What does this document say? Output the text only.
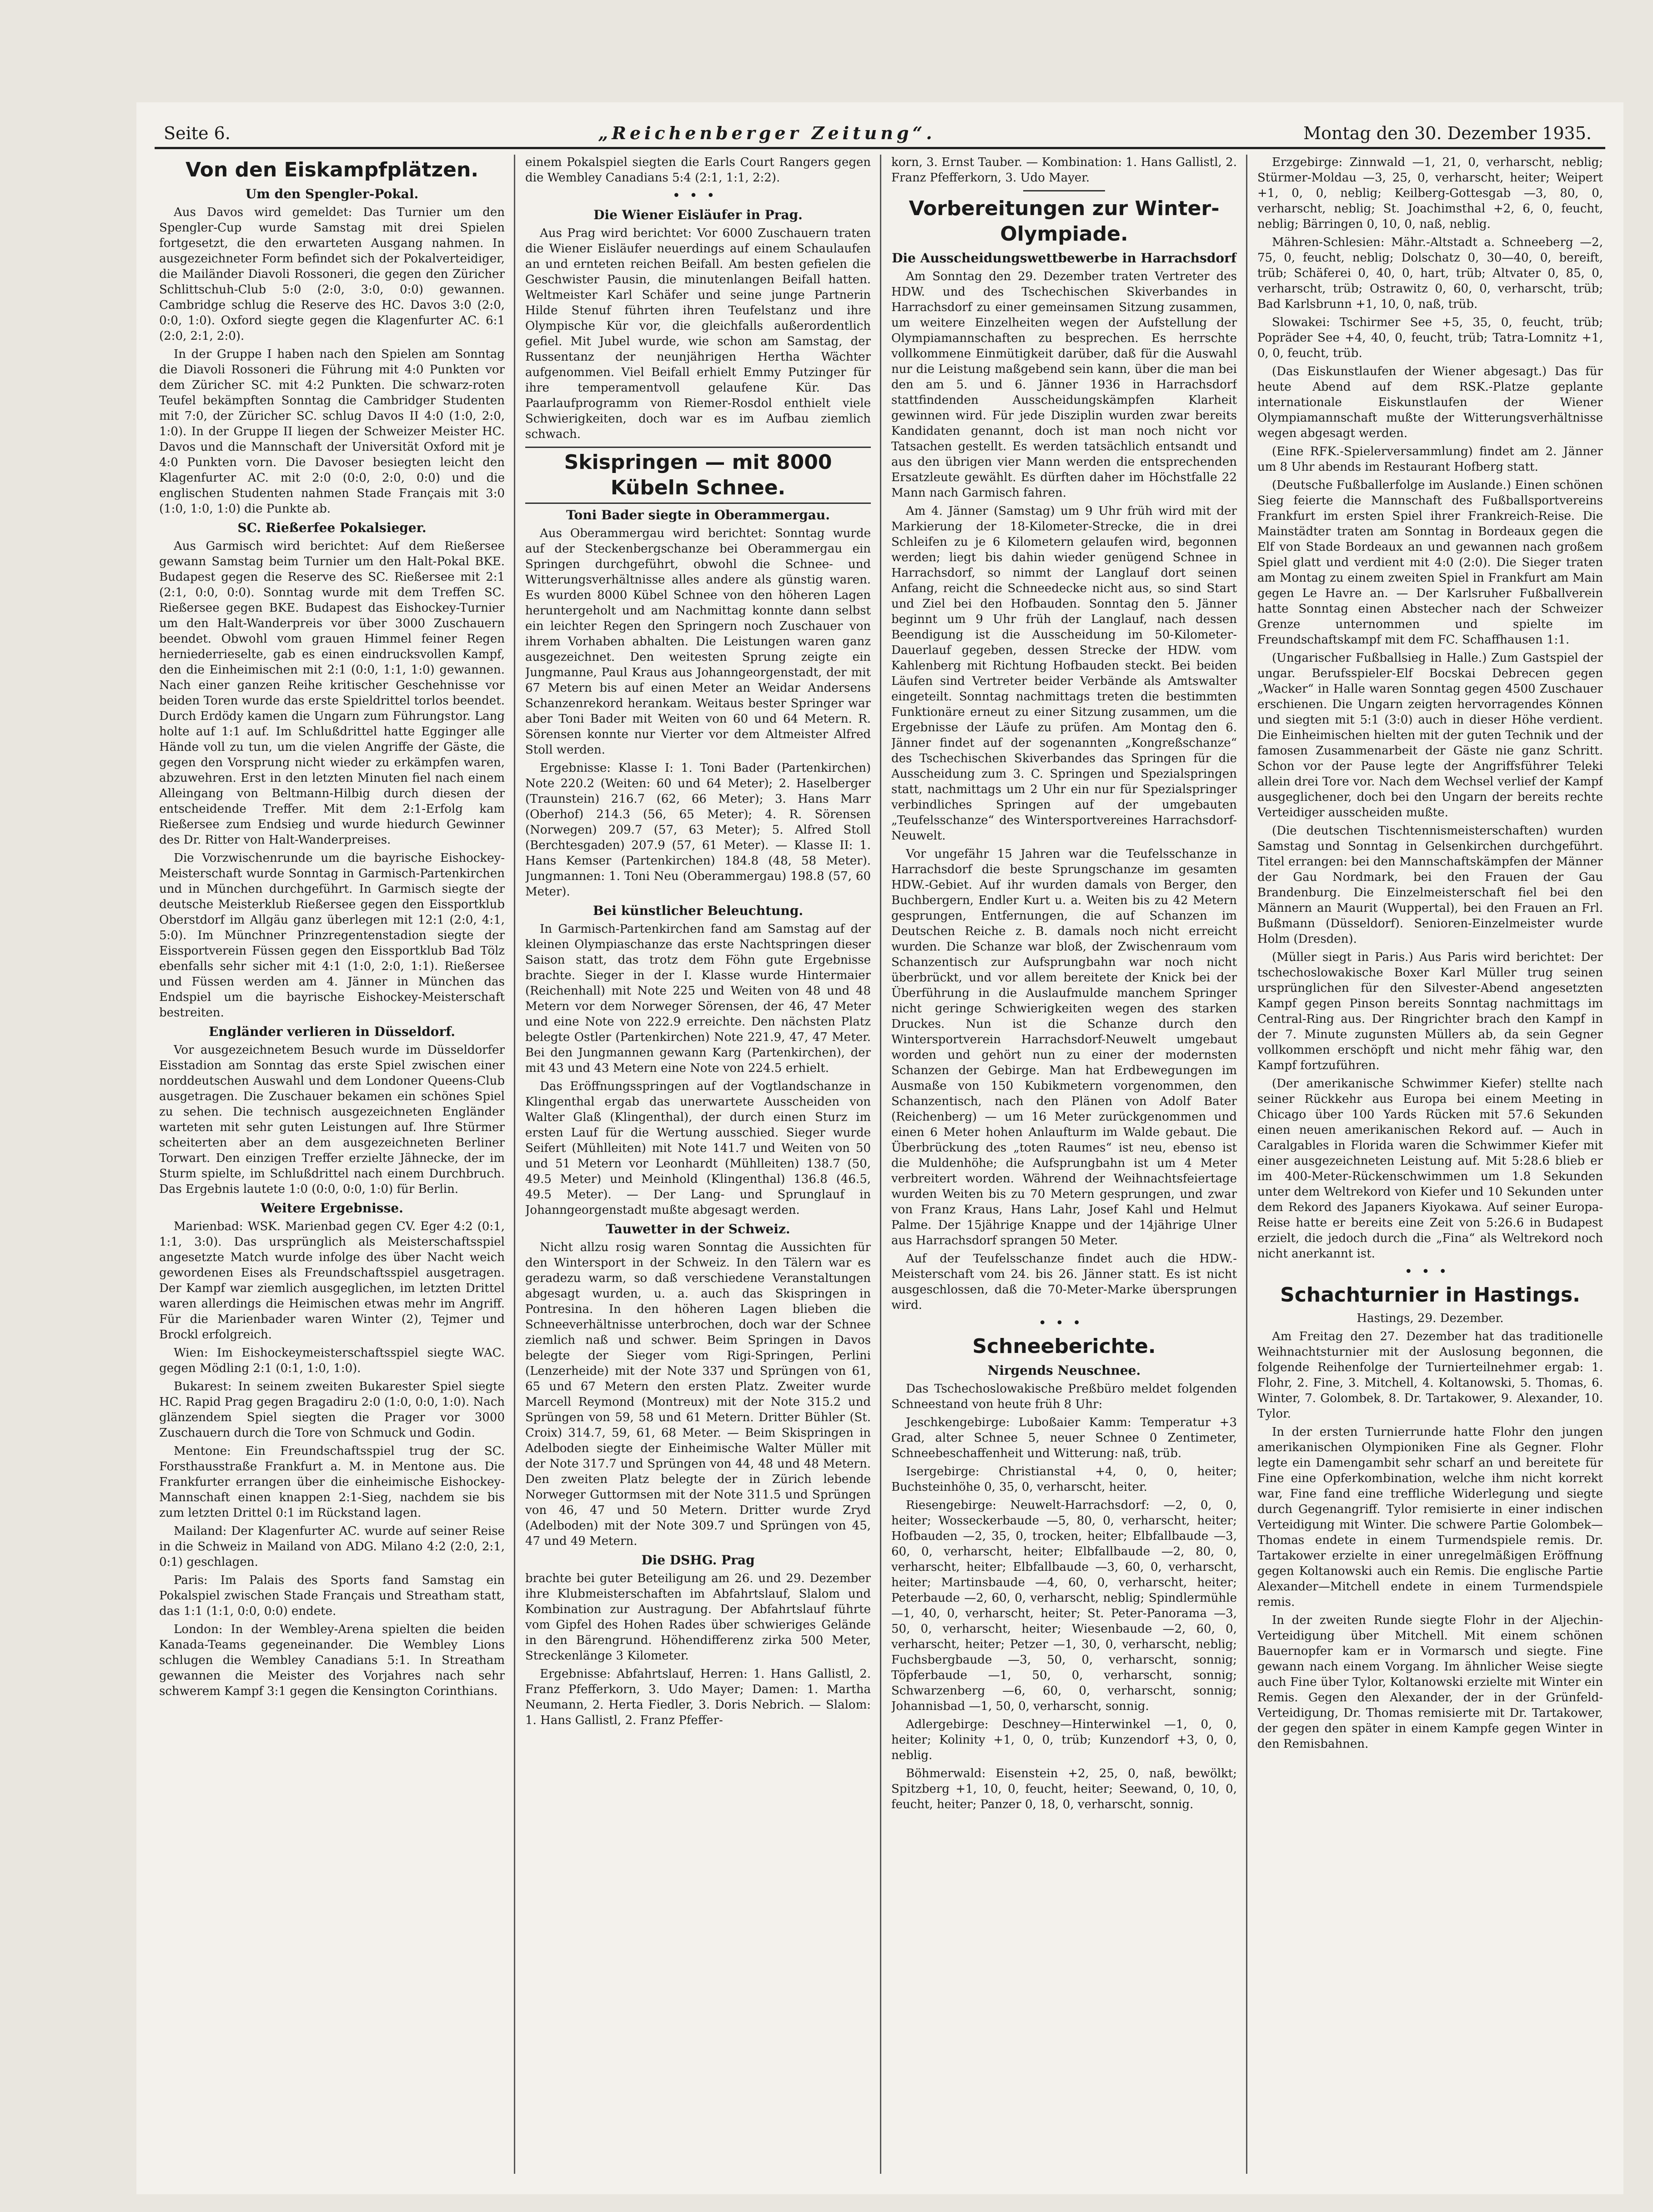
Seite 6.	„Reichenberger Zeitung“.	Montag den 30. Dezember 1935.
Von den Eiskampfplätzen.
Um den Spengler-Pokal.

Aus Davos wird gemeldet: Das Turnier um den Spengler-Cup wurde Samstag mit drei Spielen fortgesetzt, die den erwarteten Ausgang nahmen. In ausgezeichneter Form befindet sich der Pokalverteidiger, die Mailänder Diavoli Rossoneri, die gegen den Züricher Schlittschuh-Club 5:0 (2:0, 3:0, 0:0) gewannen. Cambridge schlug die Reserve des HC. Davos 3:0 (2:0, 0:0, 1:0). Oxford siegte gegen die Klagenfurter AC. 6:1 (2:0, 2:1, 2:0).

In der Gruppe I haben nach den Spielen am Sonntag die Diavoli Rossoneri die Führung mit 4:0 Punkten vor dem Züricher SC. mit 4:2 Punkten. Die schwarz-roten Teufel bekämpften Sonntag die Cambridger Studenten mit 7:0, der Züricher SC. schlug Davos II 4:0 (1:0, 2:0, 1:0). In der Gruppe II liegen der Schweizer Meister HC. Davos und die Mannschaft der Universität Oxford mit je 4:0 Punkten vorn. Die Davoser besiegten leicht den Klagenfurter AC. mit 2:0 (0:0, 2:0, 0:0) und die englischen Studenten nahmen Stade Français mit 3:0 (1:0, 1:0, 1:0) die Punkte ab.

SC. Rießerfee Pokalsieger.

Aus Garmisch wird berichtet: Auf dem Rießersee gewann Samstag beim Turnier um den Halt-Pokal BKE. Budapest gegen die Reserve des SC. Rießersee mit 2:1 (2:1, 0:0, 0:0). Sonntag wurde mit dem Treffen SC. Rießersee gegen BKE. Budapest das Eishockey-Turnier um den Halt-Wanderpreis vor über 3000 Zuschauern beendet. Obwohl vom grauen Himmel feiner Regen herniederrieselte, gab es einen eindrucksvollen Kampf, den die Einheimischen mit 2:1 (0:0, 1:1, 1:0) gewannen. Nach einer ganzen Reihe kritischer Geschehnisse vor beiden Toren wurde das erste Spieldrittel torlos beendet. Durch Erdödy kamen die Ungarn zum Führungstor. Lang holte auf 1:1 auf. Im Schlußdrittel hatte Egginger alle Hände voll zu tun, um die vielen Angriffe der Gäste, die gegen den Vorsprung nicht wieder zu erkämpfen waren, abzuwehren. Erst in den letzten Minuten fiel nach einem Alleingang von Beltmann-Hilbig durch diesen der entscheidende Treffer. Mit dem 2:1-Erfolg kam Rießersee zum Endsieg und wurde hiedurch Gewinner des Dr. Ritter von Halt-Wanderpreises.

Die Vorzwischenrunde um die bayrische Eishockey-Meisterschaft wurde Sonntag in Garmisch-Partenkirchen und in München durchgeführt. In Garmisch siegte der deutsche Meisterklub Rießersee gegen den Eissportklub Oberstdorf im Allgäu ganz überlegen mit 12:1 (2:0, 4:1, 5:0). Im Münchner Prinzregentenstadion siegte der Eissportverein Füssen gegen den Eissportklub Bad Tölz ebenfalls sehr sicher mit 4:1 (1:0, 2:0, 1:1). Rießersee und Füssen werden am 4. Jänner in München das Endspiel um die bayrische Eishockey-Meisterschaft bestreiten.

Engländer verlieren in Düsseldorf.

Vor ausgezeichnetem Besuch wurde im Düsseldorfer Eisstadion am Sonntag das erste Spiel zwischen einer norddeutschen Auswahl und dem Londoner Queens-Club ausgetragen. Die Zuschauer bekamen ein schönes Spiel zu sehen. Die technisch ausgezeichneten Engländer warteten mit sehr guten Leistungen auf. Ihre Stürmer scheiterten aber an dem ausgezeichneten Berliner Torwart. Den einzigen Treffer erzielte Jähnecke, der im Sturm spielte, im Schlußdrittel nach einem Durchbruch. Das Ergebnis lautete 1:0 (0:0, 0:0, 1:0) für Berlin.

Weitere Ergebnisse.

Marienbad: WSK. Marienbad gegen CV. Eger 4:2 (0:1, 1:1, 3:0). Das ursprünglich als Meisterschaftsspiel angesetzte Match wurde infolge des über Nacht weich gewordenen Eises als Freundschaftsspiel ausgetragen. Der Kampf war ziemlich ausgeglichen, im letzten Drittel waren allerdings die Heimischen etwas mehr im Angriff. Für die Marienbader waren Winter (2), Tejmer und Brockl erfolgreich.

Wien: Im Eishockeymeisterschaftsspiel siegte WAC. gegen Mödling 2:1 (0:1, 1:0, 1:0).

Bukarest: In seinem zweiten Bukarester Spiel siegte HC. Rapid Prag gegen Bragadiru 2:0 (1:0, 0:0, 1:0). Nach glänzendem Spiel siegten die Prager vor 3000 Zuschauern durch die Tore von Schmuck und Godin.

Mentone: Ein Freundschaftsspiel trug der SC. Forsthausstraße Frankfurt a. M. in Mentone aus. Die Frankfurter errangen über die einheimische Eishockey-Mannschaft einen knappen 2:1-Sieg, nachdem sie bis zum letzten Drittel 0:1 im Rückstand lagen.

Mailand: Der Klagenfurter AC. wurde auf seiner Reise in die Schweiz in Mailand von ADG. Milano 4:2 (2:0, 2:1, 0:1) geschlagen.

Paris: Im Palais des Sports fand Samstag ein Pokalspiel zwischen Stade Français und Streatham statt, das 1:1 (1:1, 0:0, 0:0) endete.

London: In der Wembley-Arena spielten die beiden Kanada-Teams gegeneinander. Die Wembley Lions schlugen die Wembley Canadians 5:1. In Streatham gewannen die Meister des Vorjahres nach sehr schwerem Kampf 3:1 gegen die Kensington Corinthians.

einem Pokalspiel siegten die Earls Court Rangers gegen die Wembley Canadians 5:4 (2:1, 1:1, 2:2).

•••
Die Wiener Eisläufer in Prag.

Aus Prag wird berichtet: Vor 6000 Zuschauern traten die Wiener Eisläufer neuerdings auf einem Schaulaufen an und ernteten reichen Beifall. Am besten gefielen die Geschwister Pausin, die minutenlangen Beifall hatten. Weltmeister Karl Schäfer und seine junge Partnerin Hilde Stenuf führten ihren Teufelstanz und ihre Olympische Kür vor, die gleichfalls außerordentlich gefiel. Mit Jubel wurde, wie schon am Samstag, der Russentanz der neunjährigen Hertha Wächter aufgenommen. Viel Beifall erhielt Emmy Putzinger für ihre temperamentvoll gelaufene Kür. Das Paarlaufprogramm von Riemer-Rosdol enthielt viele Schwierigkeiten, doch war es im Aufbau ziemlich schwach.

Skispringen — mit 8000 Kübeln Schnee.
Toni Bader siegte in Oberammergau.

Aus Oberammergau wird berichtet: Sonntag wurde auf der Steckenbergschanze bei Oberammergau ein Springen durchgeführt, obwohl die Schnee- und Witterungsverhältnisse alles andere als günstig waren. Es wurden 8000 Kübel Schnee von den höheren Lagen heruntergeholt und am Nachmittag konnte dann selbst ein leichter Regen den Springern noch Zuschauer von ihrem Vorhaben abhalten. Die Leistungen waren ganz ausgezeichnet. Den weitesten Sprung zeigte ein Jungmanne, Paul Kraus aus Johanngeorgenstadt, der mit 67 Metern bis auf einen Meter an Weidar Andersens Schanzenrekord herankam. Weitaus bester Springer war aber Toni Bader mit Weiten von 60 und 64 Metern. R. Sörensen konnte nur Vierter vor dem Altmeister Alfred Stoll werden.

Ergebnisse: Klasse I: 1. Toni Bader (Partenkirchen) Note 220.2 (Weiten: 60 und 64 Meter); 2. Haselberger (Traunstein) 216.7 (62, 66 Meter); 3. Hans Marr (Oberhof) 214.3 (56, 65 Meter); 4. R. Sörensen (Norwegen) 209.7 (57, 63 Meter); 5. Alfred Stoll (Berchtesgaden) 207.9 (57, 61 Meter). — Klasse II: 1. Hans Kemser (Partenkirchen) 184.8 (48, 58 Meter). Jungmannen: 1. Toni Neu (Oberammergau) 198.8 (57, 60 Meter).

Bei künstlicher Beleuchtung.

In Garmisch-Partenkirchen fand am Samstag auf der kleinen Olympiaschanze das erste Nachtspringen dieser Saison statt, das trotz dem Föhn gute Ergebnisse brachte. Sieger in der I. Klasse wurde Hintermaier (Reichenhall) mit Note 225 und Weiten von 48 und 48 Metern vor dem Norweger Sörensen, der 46, 47 Meter und eine Note von 222.9 erreichte. Den nächsten Platz belegte Ostler (Partenkirchen) Note 221.9, 47, 47 Meter. Bei den Jungmannen gewann Karg (Partenkirchen), der mit 43 und 43 Metern eine Note von 224.5 erhielt.

Das Eröffnungsspringen auf der Vogtlandschanze in Klingenthal ergab das unerwartete Ausscheiden von Walter Glaß (Klingenthal), der durch einen Sturz im ersten Lauf für die Wertung ausschied. Sieger wurde Seifert (Mühlleiten) mit Note 141.7 und Weiten von 50 und 51 Metern vor Leonhardt (Mühlleiten) 138.7 (50, 49.5 Meter) und Meinhold (Klingenthal) 136.8 (46.5, 49.5 Meter). — Der Lang- und Sprunglauf in Johanngeorgenstadt mußte abgesagt werden.

Tauwetter in der Schweiz.

Nicht allzu rosig waren Sonntag die Aussichten für den Wintersport in der Schweiz. In den Tälern war es geradezu warm, so daß verschiedene Veranstaltungen abgesagt wurden, u. a. auch das Skispringen in Pontresina. In den höheren Lagen blieben die Schneeverhältnisse unterbrochen, doch war der Schnee ziemlich naß und schwer. Beim Springen in Davos belegte der Sieger vom Rigi-Springen, Perlini (Lenzerheide) mit der Note 337 und Sprüngen von 61, 65 und 67 Metern den ersten Platz. Zweiter wurde Marcell Reymond (Montreux) mit der Note 315.2 und Sprüngen von 59, 58 und 61 Metern. Dritter Bühler (St. Croix) 314.7, 59, 61, 68 Meter. — Beim Skispringen in Adelboden siegte der Einheimische Walter Müller mit der Note 317.7 und Sprüngen von 44, 48 und 48 Metern. Den zweiten Platz belegte der in Zürich lebende Norweger Guttormsen mit der Note 311.5 und Sprüngen von 46, 47 und 50 Metern. Dritter wurde Zryd (Adelboden) mit der Note 309.7 und Sprüngen von 45, 47 und 49 Metern.

Die DSHG. Prag

brachte bei guter Beteiligung am 26. und 29. Dezember ihre Klubmeisterschaften im Abfahrtslauf, Slalom und Kombination zur Austragung. Der Abfahrtslauf führte vom Gipfel des Hohen Rades über schwieriges Gelände in den Bärengrund. Höhendifferenz zirka 500 Meter, Streckenlänge 3 Kilometer.

Ergebnisse: Abfahrtslauf, Herren: 1. Hans Gallistl, 2. Franz Pfefferkorn, 3. Udo Mayer; Damen: 1. Martha Neumann, 2. Herta Fiedler, 3. Doris Nebrich. — Slalom: 1. Hans Gallistl, 2. Franz Pfeffer-

korn, 3. Ernst Tauber. — Kombination: 1. Hans Gallistl, 2. Franz Pfefferkorn, 3. Udo Mayer.

Vorbereitungen zur Winter-Olympiade.
Die Ausscheidungswettbewerbe in Harrachsdorf

Am Sonntag den 29. Dezember traten Vertreter des HDW. und des Tschechischen Skiverbandes in Harrachsdorf zu einer gemeinsamen Sitzung zusammen, um weitere Einzelheiten wegen der Aufstellung der Olympiamannschaften zu besprechen. Es herrschte vollkommene Einmütigkeit darüber, daß für die Auswahl nur die Leistung maßgebend sein kann, über die man bei den am 5. und 6. Jänner 1936 in Harrachsdorf stattfindenden Ausscheidungskämpfen Klarheit gewinnen wird. Für jede Disziplin wurden zwar bereits Kandidaten genannt, doch ist man noch nicht vor Tatsachen gestellt. Es werden tatsächlich entsandt und aus den übrigen vier Mann werden die entsprechenden Ersatzleute gewählt. Es dürften daher im Höchstfalle 22 Mann nach Garmisch fahren.

Am 4. Jänner (Samstag) um 9 Uhr früh wird mit der Markierung der 18-Kilometer-Strecke, die in drei Schleifen zu je 6 Kilometern gelaufen wird, begonnen werden; liegt bis dahin wieder genügend Schnee in Harrachsdorf, so nimmt der Langlauf dort seinen Anfang, reicht die Schneedecke nicht aus, so sind Start und Ziel bei den Hofbauden. Sonntag den 5. Jänner beginnt um 9 Uhr früh der Langlauf, nach dessen Beendigung ist die Ausscheidung im 50-Kilometer-Dauerlauf gegeben, dessen Strecke der HDW. vom Kahlenberg mit Richtung Hofbauden steckt. Bei beiden Läufen sind Vertreter beider Verbände als Amtswalter eingeteilt. Sonntag nachmittags treten die bestimmten Funktionäre erneut zu einer Sitzung zusammen, um die Ergebnisse der Läufe zu prüfen. Am Montag den 6. Jänner findet auf der sogenannten „Kongreßschanze“ des Tschechischen Skiverbandes das Springen für die Ausscheidung zum 3. C. Springen und Spezialspringen statt, nachmittags um 2 Uhr ein nur für Spezialspringer verbindliches Springen auf der umgebauten „Teufelsschanze“ des Wintersportvereines Harrachsdorf-Neuwelt.

Vor ungefähr 15 Jahren war die Teufelsschanze in Harrachsdorf die beste Sprungschanze im gesamten HDW.-Gebiet. Auf ihr wurden damals von Berger, den Buchbergern, Endler Kurt u. a. Weiten bis zu 42 Metern gesprungen, Entfernungen, die auf Schanzen im Deutschen Reiche z. B. damals noch nicht erreicht wurden. Die Schanze war bloß, der Zwischenraum vom Schanzentisch zur Aufsprungbahn war noch nicht überbrückt, und vor allem bereitete der Knick bei der Überführung in die Auslaufmulde manchem Springer nicht geringe Schwierigkeiten wegen des starken Druckes. Nun ist die Schanze durch den Wintersportverein Harrachsdorf-Neuwelt umgebaut worden und gehört nun zu einer der modernsten Schanzen der Gebirge. Man hat Erdbewegungen im Ausmaße von 150 Kubikmetern vorgenommen, den Schanzentisch, nach den Plänen von Adolf Bater (Reichenberg) — um 16 Meter zurückgenommen und einen 6 Meter hohen Anlaufturm im Walde gebaut. Die Überbrückung des „toten Raumes“ ist neu, ebenso ist die Muldenhöhe; die Aufsprungbahn ist um 4 Meter verbreitert worden. Während der Weihnachtsfeiertage wurden Weiten bis zu 70 Metern gesprungen, und zwar von Franz Kraus, Hans Lahr, Josef Kahl und Helmut Palme. Der 15jährige Knappe und der 14jährige Ulner aus Harrachsdorf sprangen 50 Meter.

Auf der Teufelsschanze findet auch die HDW.-Meisterschaft vom 24. bis 26. Jänner statt. Es ist nicht ausgeschlossen, daß die 70-Meter-Marke übersprungen wird.

•••
Schneeberichte.
Nirgends Neuschnee.

Das Tschechoslowakische Preßbüro meldet folgenden Schneestand von heute früh 8 Uhr:

Jeschkengebirge: Luboßaier Kamm: Temperatur +3 Grad, alter Schnee 5, neuer Schnee 0 Zentimeter, Schneebeschaffenheit und Witterung: naß, trüb.

Isergebirge: Christianstal +4, 0, 0, heiter; Buchsteinhöhe 0, 35, 0, verharscht, heiter.

Riesengebirge: Neuwelt-Harrachsdorf: —2, 0, 0, heiter; Wosseckerbaude —5, 80, 0, verharscht, heiter; Hofbauden —2, 35, 0, trocken, heiter; Elbfallbaude —3, 60, 0, verharscht, heiter; Elbfallbaude —2, 80, 0, verharscht, heiter; Elbfallbaude —3, 60, 0, verharscht, heiter; Martinsbaude —4, 60, 0, verharscht, heiter; Peterbaude —2, 60, 0, verharscht, neblig; Spindlermühle —1, 40, 0, verharscht, heiter; St. Peter-Panorama —3, 50, 0, verharscht, heiter; Wiesenbaude —2, 60, 0, verharscht, heiter; Petzer —1, 30, 0, verharscht, neblig; Fuchsbergbaude —3, 50, 0, verharscht, sonnig; Töpferbaude —1, 50, 0, verharscht, sonnig; Schwarzenberg —6, 60, 0, verharscht, sonnig; Johannisbad —1, 50, 0, verharscht, sonnig.

Adlergebirge: Deschney—Hinterwinkel —1, 0, 0, heiter; Kolinity +1, 0, 0, trüb; Kunzendorf +3, 0, 0, neblig.

Böhmerwald: Eisenstein +2, 25, 0, naß, bewölkt; Spitzberg +1, 10, 0, feucht, heiter; Seewand, 0, 10, 0, feucht, heiter; Panzer 0, 18, 0, verharscht, sonnig.

Erzgebirge: Zinnwald —1, 21, 0, verharscht, neblig; Stürmer-Moldau —3, 25, 0, verharscht, heiter; Weipert +1, 0, 0, neblig; Keilberg-Gottesgab —3, 80, 0, verharscht, neblig; St. Joachimsthal +2, 6, 0, feucht, neblig; Bärringen 0, 10, 0, naß, neblig.

Mähren-Schlesien: Mähr.-Altstadt a. Schneeberg —2, 75, 0, feucht, neblig; Dolschatz 0, 30—40, 0, bereift, trüb; Schäferei 0, 40, 0, hart, trüb; Altvater 0, 85, 0, verharscht, trüb; Ostrawitz 0, 60, 0, verharscht, trüb; Bad Karlsbrunn +1, 10, 0, naß, trüb.

Slowakei: Tschirmer See +5, 35, 0, feucht, trüb; Popräder See +4, 40, 0, feucht, trüb; Tatra-Lomnitz +1, 0, 0, feucht, trüb.

(Das Eiskunstlaufen der Wiener abgesagt.) Das für heute Abend auf dem RSK.-Platze geplante internationale Eiskunstlaufen der Wiener Olympiamannschaft mußte der Witterungsverhältnisse wegen abgesagt werden.

(Eine RFK.-Spielerversammlung) findet am 2. Jänner um 8 Uhr abends im Restaurant Hofberg statt.

(Deutsche Fußballerfolge im Auslande.) Einen schönen Sieg feierte die Mannschaft des Fußballsportvereins Frankfurt im ersten Spiel ihrer Frankreich-Reise. Die Mainstädter traten am Sonntag in Bordeaux gegen die Elf von Stade Bordeaux an und gewannen nach großem Spiel glatt und verdient mit 4:0 (2:0). Die Sieger traten am Montag zu einem zweiten Spiel in Frankfurt am Main gegen Le Havre an. — Der Karlsruher Fußballverein hatte Sonntag einen Abstecher nach der Schweizer Grenze unternommen und spielte im Freundschaftskampf mit dem FC. Schaffhausen 1:1.

(Ungarischer Fußballsieg in Halle.) Zum Gastspiel der ungar. Berufsspieler-Elf Bocskai Debrecen gegen „Wacker“ in Halle waren Sonntag gegen 4500 Zuschauer erschienen. Die Ungarn zeigten hervorragendes Können und siegten mit 5:1 (3:0) auch in dieser Höhe verdient. Die Einheimischen hielten mit der guten Technik und der famosen Zusammenarbeit der Gäste nie ganz Schritt. Schon vor der Pause legte der Angriffsführer Teleki allein drei Tore vor. Nach dem Wechsel verlief der Kampf ausgeglichener, doch bei den Ungarn der bereits rechte Verteidiger ausscheiden mußte.

(Die deutschen Tischtennismeisterschaften) wurden Samstag und Sonntag in Gelsenkirchen durchgeführt. Titel errangen: bei den Mannschaftskämpfen der Männer der Gau Nordmark, bei den Frauen der Gau Brandenburg. Die Einzelmeisterschaft fiel bei den Männern an Maurit (Wuppertal), bei den Frauen an Frl. Bußmann (Düsseldorf). Senioren-Einzelmeister wurde Holm (Dresden).

(Müller siegt in Paris.) Aus Paris wird berichtet: Der tschechoslowakische Boxer Karl Müller trug seinen ursprünglichen für den Silvester-Abend angesetzten Kampf gegen Pinson bereits Sonntag nachmittags im Central-Ring aus. Der Ringrichter brach den Kampf in der 7. Minute zugunsten Müllers ab, da sein Gegner vollkommen erschöpft und nicht mehr fähig war, den Kampf fortzuführen.

(Der amerikanische Schwimmer Kiefer) stellte nach seiner Rückkehr aus Europa bei einem Meeting in Chicago über 100 Yards Rücken mit 57.6 Sekunden einen neuen amerikanischen Rekord auf. — Auch in Caralgables in Florida waren die Schwimmer Kiefer mit einer ausgezeichneten Leistung auf. Mit 5:28.6 blieb er im 400-Meter-Rückenschwimmen um 1.8 Sekunden unter dem Weltrekord von Kiefer und 10 Sekunden unter dem Rekord des Japaners Kiyokawa. Auf seiner Europa-Reise hatte er bereits eine Zeit von 5:26.6 in Budapest erzielt, die jedoch durch die „Fina“ als Weltrekord noch nicht anerkannt ist.

•••
Schachturnier in Hastings.

Hastings, 29. Dezember.

Am Freitag den 27. Dezember hat das traditionelle Weihnachtsturnier mit der Auslosung begonnen, die folgende Reihenfolge der Turnierteilnehmer ergab: 1. Flohr, 2. Fine, 3. Mitchell, 4. Koltanowski, 5. Thomas, 6. Winter, 7. Golombek, 8. Dr. Tartakower, 9. Alexander, 10. Tylor.

In der ersten Turnierrunde hatte Flohr den jungen amerikanischen Olympioniken Fine als Gegner. Flohr legte ein Damengambit sehr scharf an und bereitete für Fine eine Opferkombination, welche ihm nicht korrekt war, Fine fand eine treffliche Widerlegung und siegte durch Gegenangriff. Tylor remisierte in einer indischen Verteidigung mit Winter. Die schwere Partie Golombek—Thomas endete in einem Turmendspiele remis. Dr. Tartakower erzielte in einer unregelmäßigen Eröffnung gegen Koltanowski auch ein Remis. Die englische Partie Alexander—Mitchell endete in einem Turmendspiele remis.

In der zweiten Runde siegte Flohr in der Aljechin-Verteidigung über Mitchell. Mit einem schönen Bauernopfer kam er in Vormarsch und siegte. Fine gewann nach einem Vorgang. Im ähnlicher Weise siegte auch Fine über Tylor, Koltanowski erzielte mit Winter ein Remis. Gegen den Alexander, der in der Grünfeld-Verteidigung, Dr. Thomas remisierte mit Dr. Tartakower, der gegen den später in einem Kampfe gegen Winter in den Remisbahnen.
